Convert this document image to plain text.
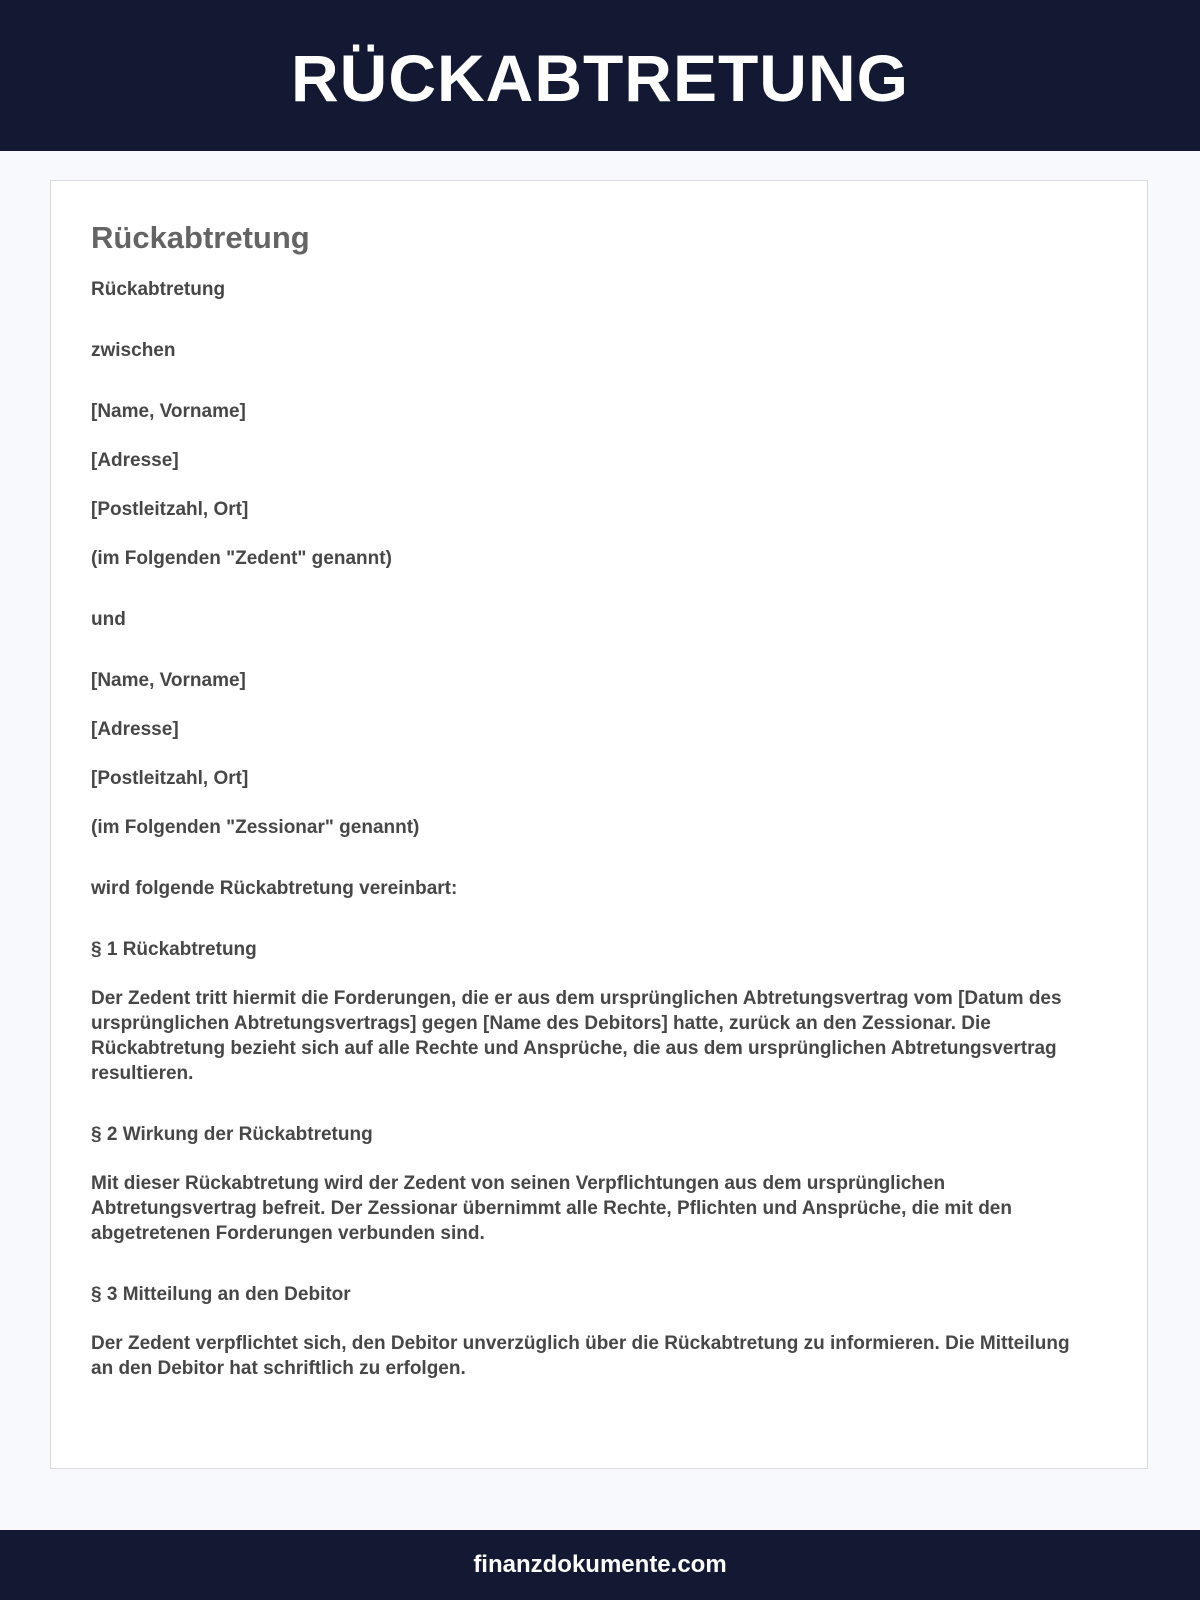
RÜCKABTRETUNG
Rückabtretung

Rückabtretung

zwischen

[Name, Vorname]

[Adresse]

[Postleitzahl, Ort]

(im Folgenden "Zedent" genannt)

und

[Name, Vorname]

[Adresse]

[Postleitzahl, Ort]

(im Folgenden "Zessionar" genannt)

wird folgende Rückabtretung vereinbart:

§ 1 Rückabtretung

Der Zedent tritt hiermit die Forderungen, die er aus dem ursprünglichen Abtretungsvertrag vom [Datum des ursprünglichen Abtretungsvertrags] gegen [Name des Debitors] hatte, zurück an den Zessionar. Die Rückabtretung bezieht sich auf alle Rechte und Ansprüche, die aus dem ursprünglichen Abtretungsvertrag resultieren.

§ 2 Wirkung der Rückabtretung

Mit dieser Rückabtretung wird der Zedent von seinen Verpflichtungen aus dem ursprünglichen Abtretungsvertrag befreit. Der Zessionar übernimmt alle Rechte, Pflichten und Ansprüche, die mit den abgetretenen Forderungen verbunden sind.

§ 3 Mitteilung an den Debitor

Der Zedent verpflichtet sich, den Debitor unverzüglich über die Rückabtretung zu informieren. Die Mitteilung an den Debitor hat schriftlich zu erfolgen.

finanzdokumente.com
